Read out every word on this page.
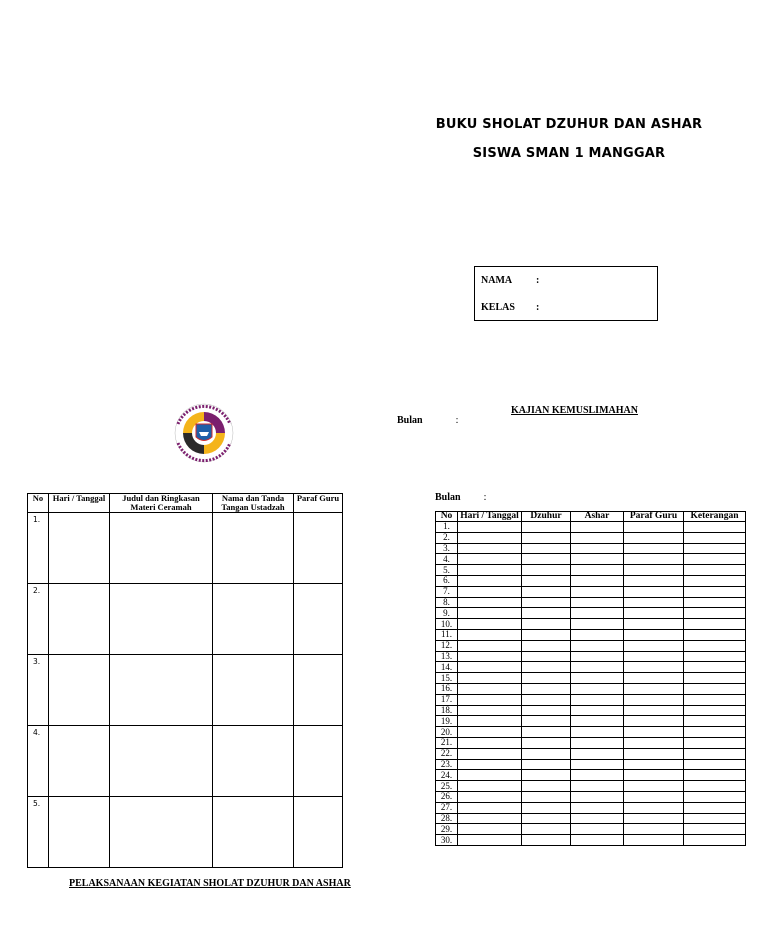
BUKU SHOLAT DZUHUR DAN ASHAR
SISWA SMAN 1 MANGGAR
NAMA :
KELAS :
KAJIAN KEMUSLIMAHAN
Bulan	:
No	Hari / Tanggal	Judul dan Ringkasan Materi Ceramah	Nama dan Tanda Tangan Ustadzah	Paraf Guru
1.				
2.				
3.				
4.				
5.				
Bulan :
No	Hari / Tanggal	Dzuhur	Ashar	Paraf Guru	Keterangan
1.					
2.					
3.					
4.					
5.					
6.					
7.					
8.					
9.					
10.					
11.					
12.					
13.					
14.					
15.					
16.					
17.					
18.					
19.					
20.					
21.					
22.					
23.					
24.					
25.					
26.					
27.					
28.					
29.					
30.					
PELAKSANAAN KEGIATAN SHOLAT DZUHUR DAN ASHAR
